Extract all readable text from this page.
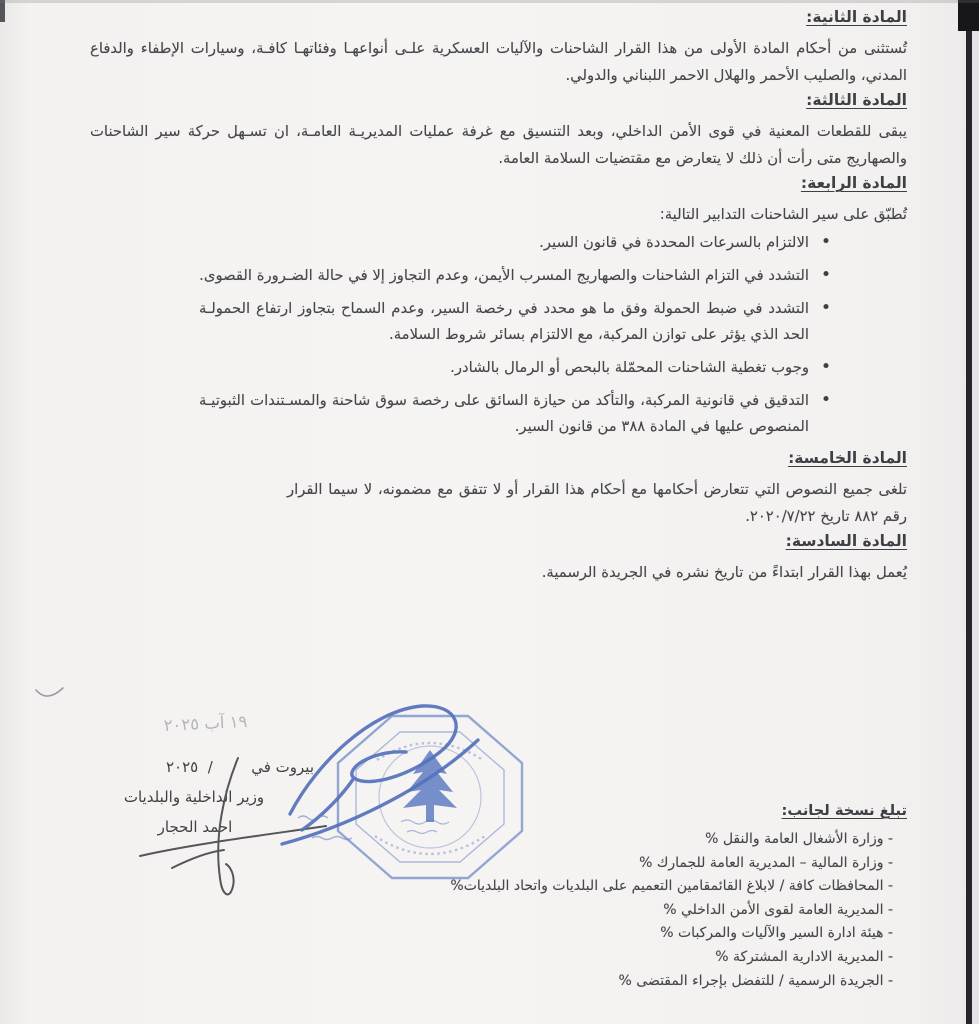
المادة الثانية:

تُستثنى من أحكام المادة الأولى من هذا القرار الشاحنات والآليات العسكرية علـى أنواعهـا وفئاتهـا كافـة، وسيارات الإطفاء والدفاع المدني، والصليب الأحمر والهلال الاحمر اللبناني والدولي.

المادة الثالثة:

يبقى للقطعات المعنية في قوى الأمن الداخلي، وبعد التنسيق مع غرفة عمليات المديريـة العامـة، ان تسـهل حركة سير الشاحنات والصهاريج متى رأت أن ذلك لا يتعارض مع مقتضيات السلامة العامة.

المادة الرابعة:

تُطبّق على سير الشاحنات التدابير التالية:

• الالتزام بالسرعات المحددة في قانون السير.
• التشدد في التزام الشاحنات والصهاريج المسرب الأيمن، وعدم التجاوز إلا في حالة الضـرورة القصوى.
• التشدد في ضبط الحمولة وفق ما هو محدد في رخصة السير، وعدم السماح بتجاوز ارتفاع الحمولـة الحد الذي يؤثر على توازن المركبة، مع الالتزام بسائر شروط السلامة.
• وجوب تغطية الشاحنات المحمّلة بالبحص أو الرمال بالشادر.
• التدقيق في قانونية المركبة، والتأكد من حيازة السائق على رخصة سوق شاحنة والمسـتندات الثبوتيـة المنصوص عليها في المادة ٣٨٨ من قانون السير.
المادة الخامسة:

تلغى جميع النصوص التي تتعارض أحكامها مع أحكام هذا القرار أو لا تتفق مع مضمونه، لا سيما القرار رقم ٨٨٢ تاريخ ٢٠٢٠/٧/٢٢.

المادة السادسة:

يُعمل بهذا القرار ابتداءً من تاريخ نشره في الجريدة الرسمية.

١٩ آب ٢٠٢٥
بيروت في   /    /  ٢٠٢٥
وزير الداخلية والبلديات
احمد الحجار
تبلغ نسخة لجانب:
- وزارة الأشغال العامة والنقل %
- وزارة المالية – المديرية العامة للجمارك %
- المحافظات كافة / لابلاغ القائمقامين التعميم على البلديات واتحاد البلديات%
- المديرية العامة لقوى الأمن الداخلي %
- هيئة ادارة السير والآليات والمركبات %
- المديرية الادارية المشتركة %
- الجريدة الرسمية / للتفضل بإجراء المقتضى %
